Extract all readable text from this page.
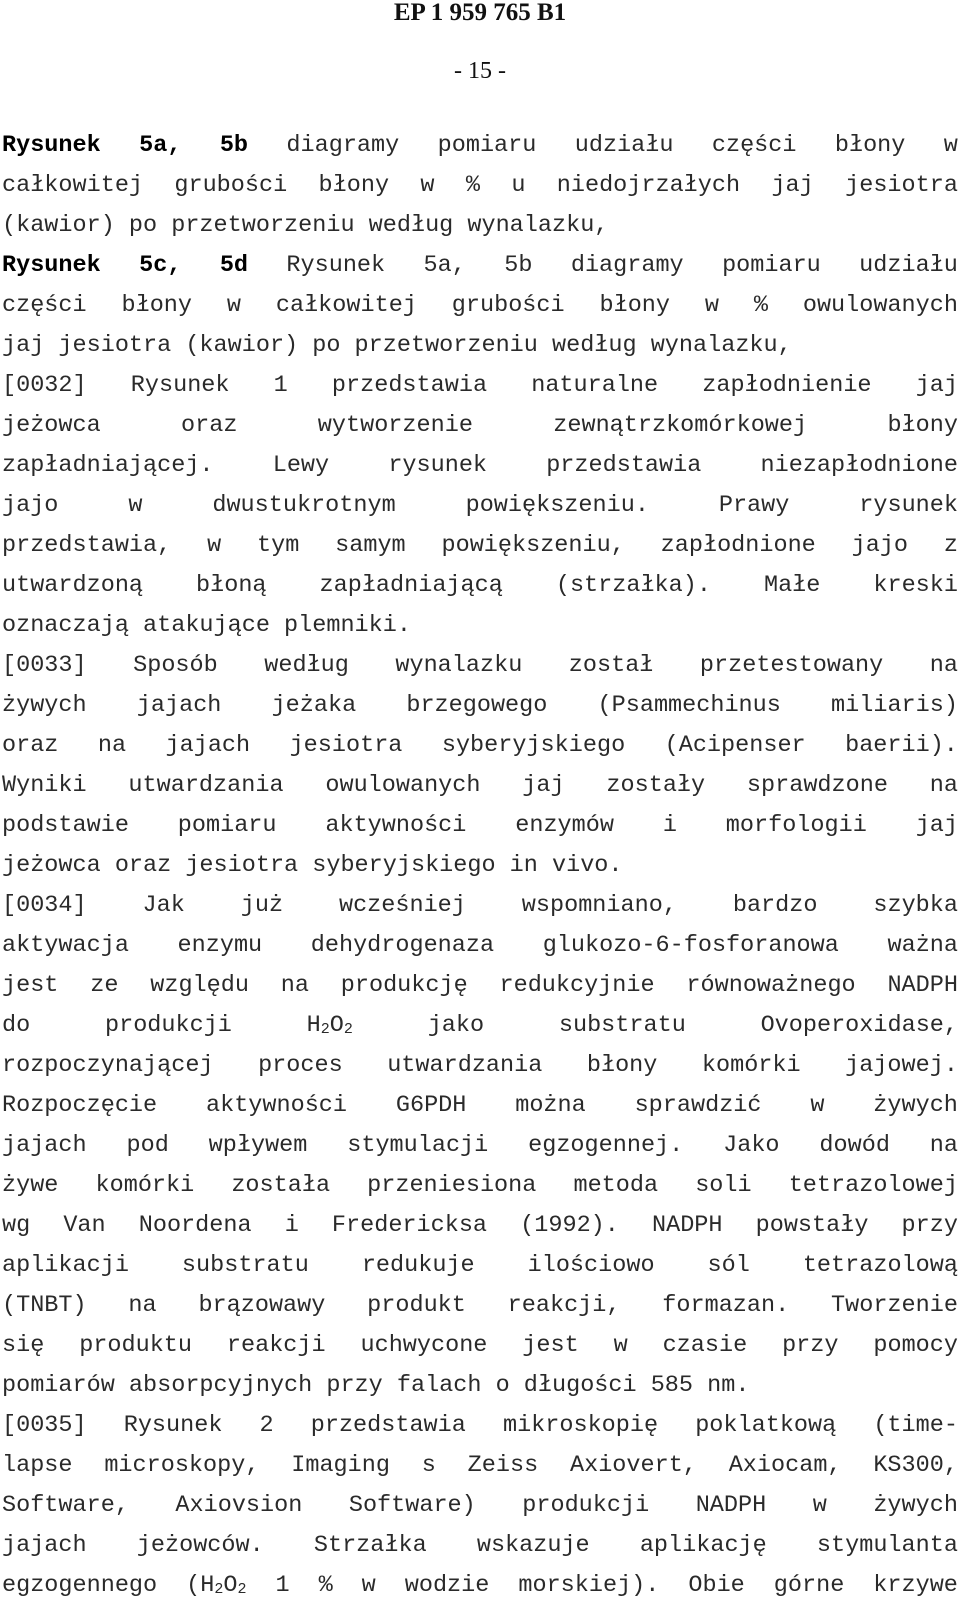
EP 1 959 765 B1
- 15 -
Rysunek 5a, 5b diagramy pomiaru udziału części błony w
całkowitej grubości błony w % u niedojrzałych jaj jesiotra
(kawior) po przetworzeniu według wynalazku,
Rysunek 5c, 5d Rysunek 5a, 5b diagramy pomiaru udziału
części błony w całkowitej grubości błony w % owulowanych
jaj jesiotra (kawior) po przetworzeniu według wynalazku,
[0032] Rysunek 1 przedstawia naturalne zapłodnienie jaj
jeżowca	oraz	wytworzenie	zewnątrzkomórkowej	błony
zapładniającej.	Lewy	rysunek	przedstawia	niezapłodnione
jajo	w	dwustukrotnym	powiększeniu.	Prawy	rysunek
przedstawia, w tym samym powiększeniu, zapłodnione jajo z
utwardzoną błoną zapładniającą (strzałka). Małe kreski
oznaczają atakujące plemniki.
[0033] Sposób według wynalazku został przetestowany na
żywych jajach jeżaka brzegowego (Psammechinus miliaris)
oraz na jajach jesiotra syberyjskiego (Acipenser baerii).
Wyniki utwardzania owulowanych jaj zostały sprawdzone na
podstawie pomiaru aktywności enzymów i morfologii jaj
jeżowca oraz jesiotra syberyjskiego in vivo.
[0034] Jak już wcześniej wspomniano, bardzo szybka
aktywacja enzymu dehydrogenaza glukozo-6-fosforanowa ważna
jest ze względu na produkcję redukcyjnie równoważnego NADPH
do	produkcji	$H_2O_2$	jako	substratu	Ovoperoxidase,
rozpoczynającej proces utwardzania błony komórki jajowej.
Rozpoczęcie aktywności G6PDH można sprawdzić w żywych
jajach pod wpływem stymulacji egzogennej. Jako dowód na
żywe komórki została przeniesiona metoda soli tetrazolowej
wg Van Noordena i Fredericksa (1992). NADPH powstały przy
aplikacji substratu redukuje ilościowo sól tetrazolową
(TNBT) na brązowawy produkt reakcji, formazan. Tworzenie
się produktu reakcji uchwycone jest w czasie przy pomocy
pomiarów absorpcyjnych przy falach o długości 585 nm.
[0035] Rysunek 2 przedstawia mikroskopię poklatkową (time-
lapse microskopy, Imaging s Zeiss Axiovert, Axiocam, KS300,
Software, Axiovsion Software) produkcji NADPH w żywych
jajach jeżowców. Strzałka wskazuje aplikację stymulanta
egzogennego ($H_2O_2$ 1 % w wodzie morskiej). Obie górne krzywe
